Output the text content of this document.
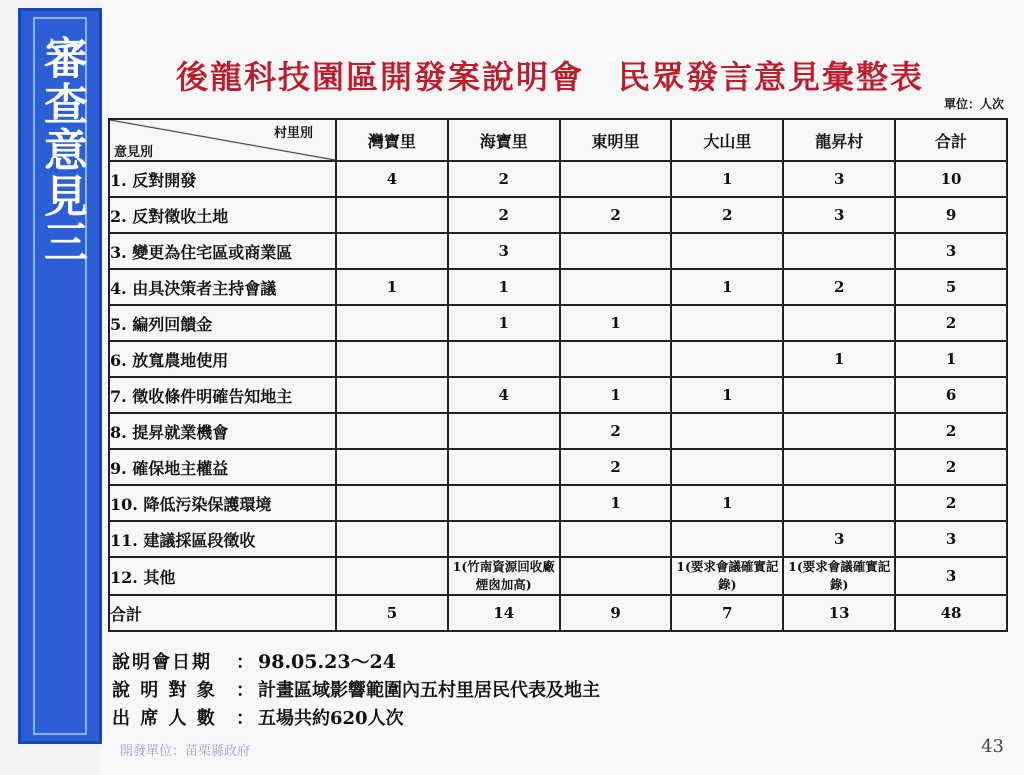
審查意見三	後龍科技園區開發案說明會　民眾發言意見彙整表
單位：人次
村里別
意見別	灣寶里	海寶里	東明里	大山里	龍昇村	合計
1. 反對開發	4	2		1	3	10
2. 反對徵收土地		2	2	2	3	9
3. 變更為住宅區或商業區		3				3
4. 由具決策者主持會議	1	1		1	2	5
5. 編列回饋金		1	1			2
6. 放寬農地使用					1	1
7. 徵收條件明確告知地主		4	1	1		6
8. 提昇就業機會			2			2
9. 確保地主權益			2			2
10. 降低污染保護環境			1	1		2
11. 建議採區段徵收					3	3
12. 其他		1(竹南資源回收廠煙囪加高)		1(要求會議確實記錄)	1(要求會議確實記錄)	3
合計	5	14	9	7	13	48
說明會日期 ： 98.05.23～24
說 明 對 象 ： 計畫區域影響範圍內五村里居民代表及地主
出 席 人 數 ： 五場共約620人次
開發單位：苗栗縣政府	43
